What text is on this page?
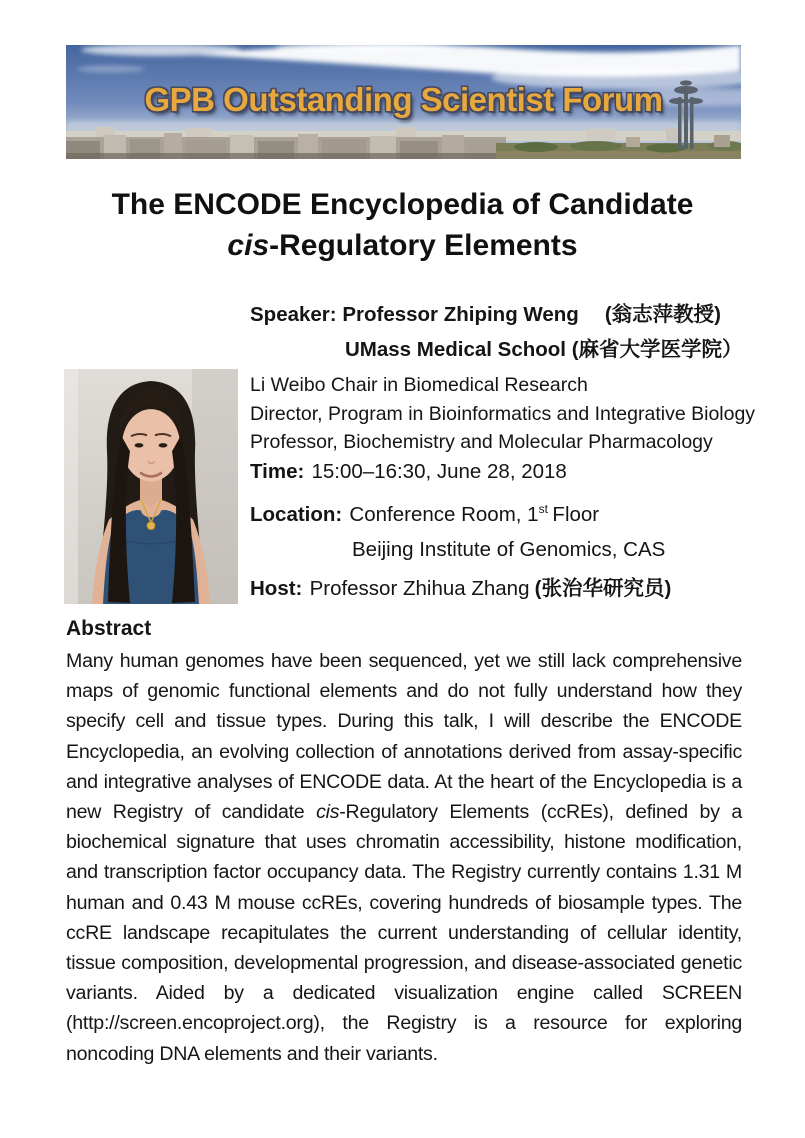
GPB Outstanding Scientist Forum
The ENCODE Encyclopedia of Candidate
cis-Regulatory Elements
Speaker: Professor Zhiping Weng (翁志萍教授)
UMass Medical School (麻省大学医学院）
Li Weibo Chair in Biomedical Research
Director, Program in Bioinformatics and Integrative Biology
Professor, Biochemistry and Molecular Pharmacology
Time: 15:00–16:30, June 28, 2018
Location: Conference Room, 1st Floor
Beijing Institute of Genomics, CAS
Host: Professor Zhihua Zhang (张治华研究员)
Abstract

Many human genomes have been sequenced, yet we still lack comprehensive maps of genomic functional elements and do not fully understand how they specify cell and tissue types. During this talk, I will describe the ENCODE Encyclopedia, an evolving collection of annotations derived from assay-specific and integrative analyses of ENCODE data. At the heart of the Encyclopedia is a new Registry of candidate cis-Regulatory Elements (ccREs), defined by a biochemical signature that uses chromatin accessibility, histone modification, and transcription factor occupancy data. The Registry currently contains 1.31 M human and 0.43 M mouse ccREs, covering hundreds of biosample types. The ccRE landscape recapitulates the current understanding of cellular identity, tissue composition, developmental progression, and disease-associated genetic variants. Aided by a dedicated visualization engine called SCREEN (http://screen.encoproject.org), the Registry is a resource for exploring noncoding DNA elements and their variants.
